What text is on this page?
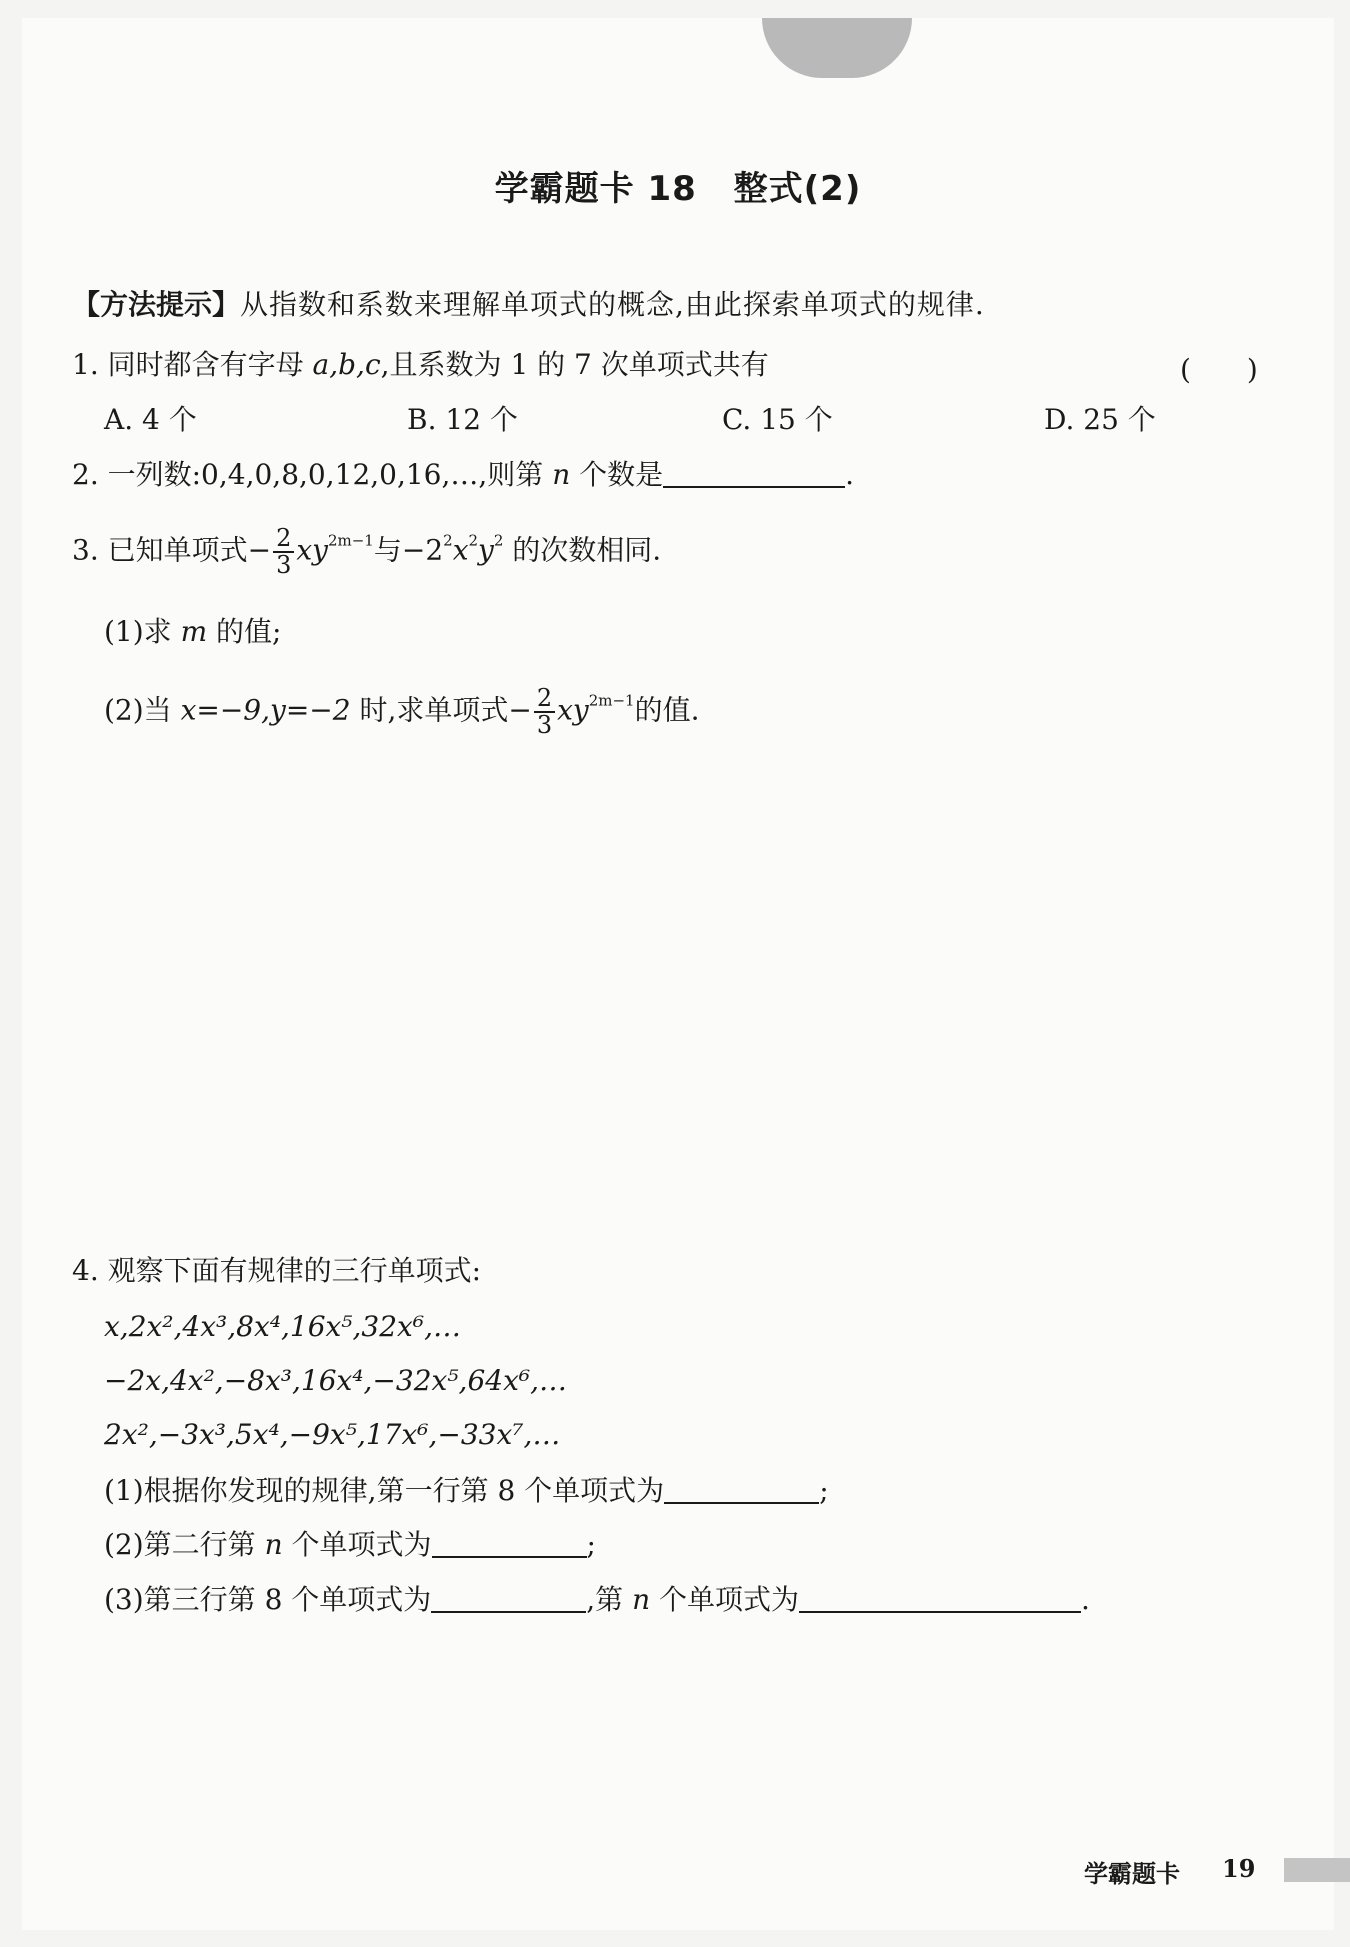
学霸题卡 18 整式(2)
【方法提示】从指数和系数来理解单项式的概念,由此探索单项式的规律.
1. 同时都含有字母 a,b,c,且系数为 1 的 7 次单项式共有	(　　)
A. 4 个	B. 12 个	C. 15 个	D. 25 个
2. 一列数:0,4,0,8,0,12,0,16,…,则第 n 个数是	.
3. 已知单项式− $\frac{2}{3} xy^{2m-1}$与$-2^2x^2y^2$ 的次数相同.
(1)求 m 的值;
(2)当 x=−9,y=−2 时,求单项式− $\frac{2}{3} xy^{2m-1}$的值.
4. 观察下面有规律的三行单项式:
x,2x²,4x³,8x⁴,16x⁵,32x⁶,…
−2x,4x²,−8x³,16x⁴,−32x⁵,64x⁶,…
2x²,−3x³,5x⁴,−9x⁵,17x⁶,−33x⁷,…
(1)根据你发现的规律,第一行第 8 个单项式为	;
(2)第二行第 n 个单项式为	;
(3)第三行第 8 个单项式为	,第 n 个单项式为	.
学霸题卡 19
